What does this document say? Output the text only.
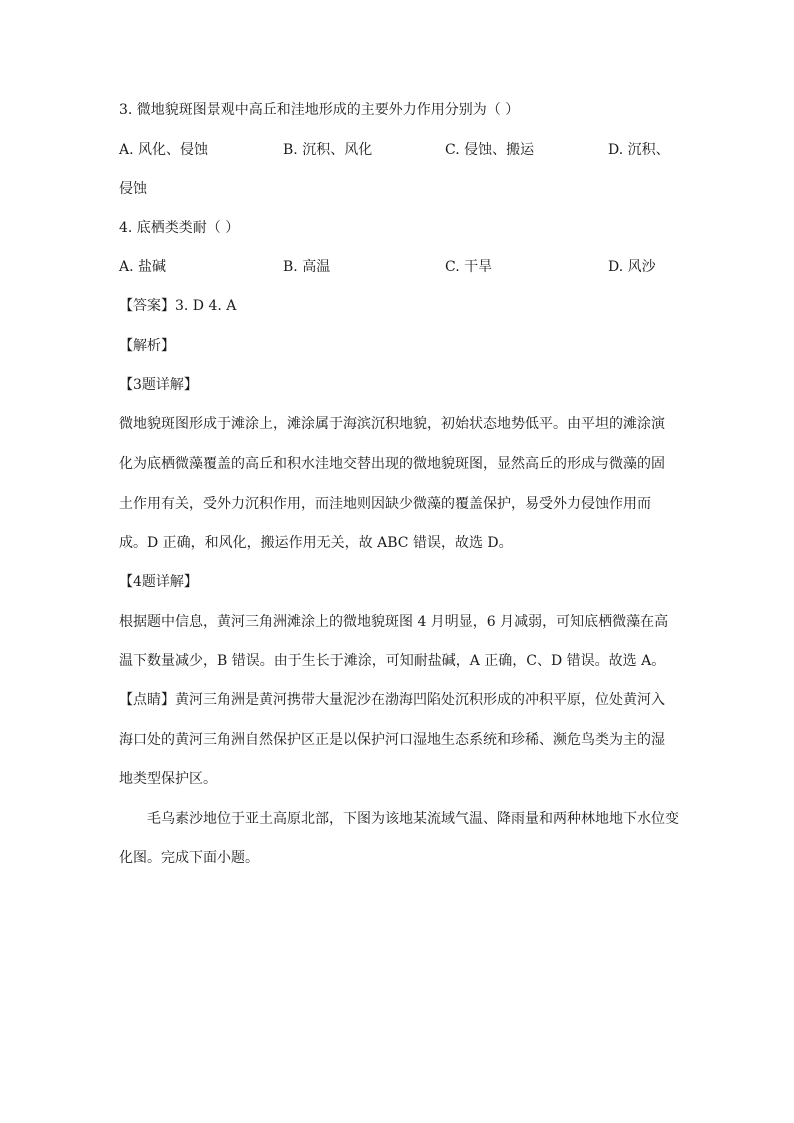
3. 微地貌斑图景观中高丘和洼地形成的主要外力作用分别为（ ）
A. 风化、侵蚀	B. 沉积、风化	C. 侵蚀、搬运	D. 沉积、
侵蚀
4. 底栖类类耐（ ）
A. 盐碱	B. 高温	C. 干旱	D. 风沙
【答案】3. D 4. A
【解析】
【3题详解】
微地貌斑图形成于滩涂上，滩涂属于海滨沉积地貌，初始状态地势低平。由平坦的滩涂演
化为底栖微藻覆盖的高丘和积水洼地交替出现的微地貌斑图，显然高丘的形成与微藻的固
土作用有关，受外力沉积作用，而洼地则因缺少微藻的覆盖保护，易受外力侵蚀作用而
成。D 正确，和风化，搬运作用无关，故 ABC 错误，故选 D。
【4题详解】
根据题中信息，黄河三角洲滩涂上的微地貌斑图 4 月明显，6 月减弱，可知底栖微藻在高
温下数量减少，B 错误。由于生长于滩涂，可知耐盐碱，A 正确，C、D 错误。故选 A。
【点睛】黄河三角洲是黄河携带大量泥沙在渤海凹陷处沉积形成的冲积平原，位处黄河入
海口处的黄河三角洲自然保护区正是以保护河口湿地生态系统和珍稀、濒危鸟类为主的湿
地类型保护区。
毛乌素沙地位于亚土高原北部，下图为该地某流域气温、降雨量和两种林地地下水位变
化图。完成下面小题。
